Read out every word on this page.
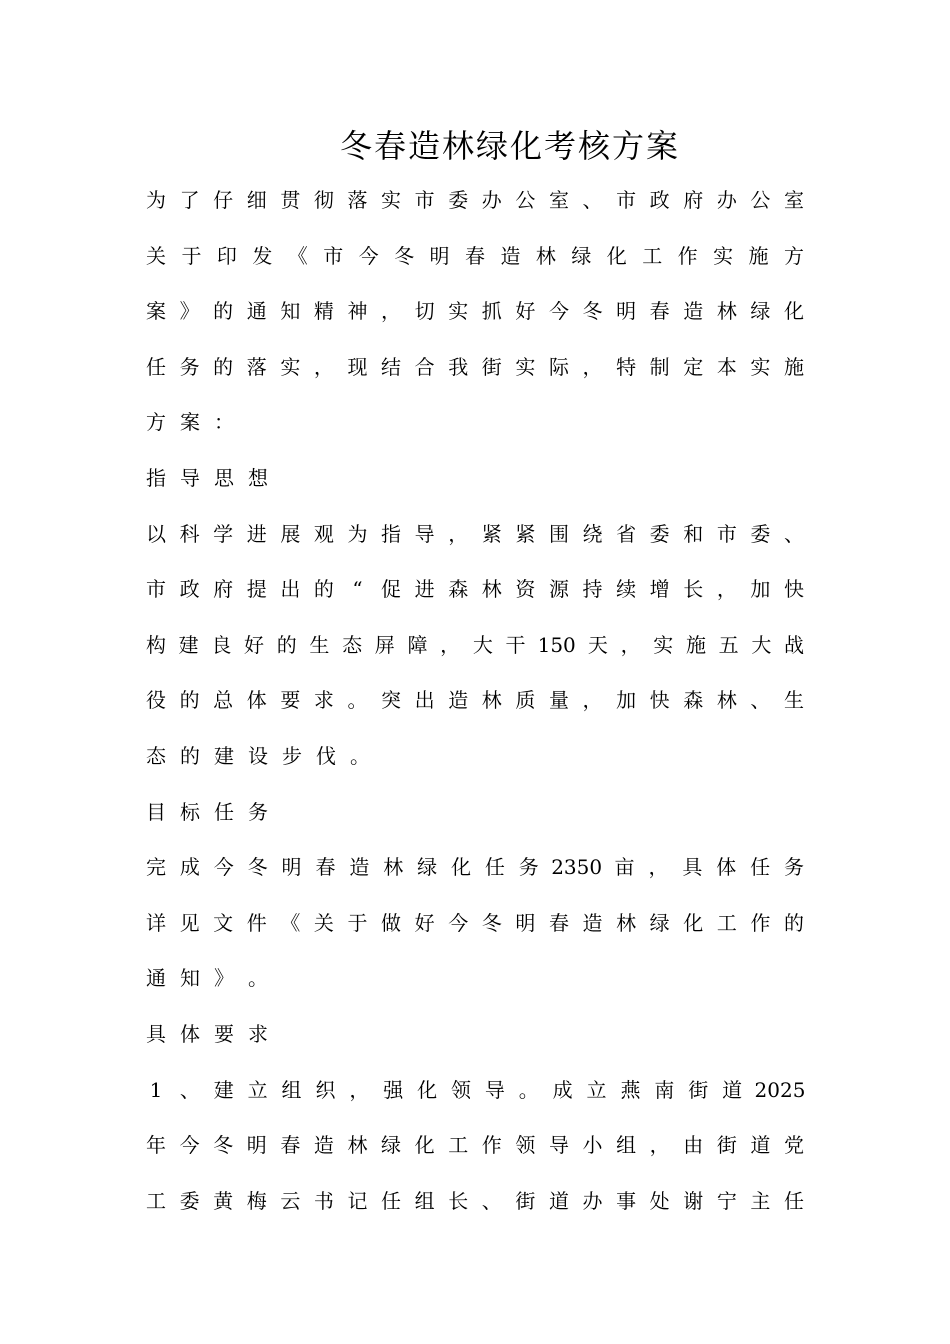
冬春造林绿化考核方案
为 了 仔 细 贯 彻 落 实 市 委 办 公 室 、 市 政 府 办 公 室
关 于 印 发 《 市 今 冬 明 春 造 林 绿 化 工 作 实 施 方
案 》 的 通 知 精 神 ， 切 实 抓 好 今 冬 明 春 造 林 绿 化
任 务 的 落 实 ， 现 结 合 我 街 实 际 ， 特 制 定 本 实 施
方 案 ：
指 导 思 想
以 科 学 进 展 观 为 指 导 ， 紧 紧 围 绕 省 委 和 市 委 、
市 政 府 提 出 的 “ 促 进 森 林 资 源 持 续 增 长 ， 加 快
构 建 良 好 的 生 态 屏 障 ， 大 干 150 天 ， 实 施 五 大 战
役 的 总 体 要 求 。 突 出 造 林 质 量 ， 加 快 森 林 、 生
态 的 建 设 步 伐 。
目 标 任 务
完 成 今 冬 明 春 造 林 绿 化 任 务 2350 亩 ， 具 体 任 务
详 见 文 件 《 关 于 做 好 今 冬 明 春 造 林 绿 化 工 作 的
通 知 》 。
具 体 要 求
1 、 建 立 组 织 ， 强 化 领 导 。 成 立 燕 南 街 道 2025
年 今 冬 明 春 造 林 绿 化 工 作 领 导 小 组 ， 由 街 道 党
工 委 黄 梅 云 书 记 任 组 长 、 街 道 办 事 处 谢 宁 主 任
